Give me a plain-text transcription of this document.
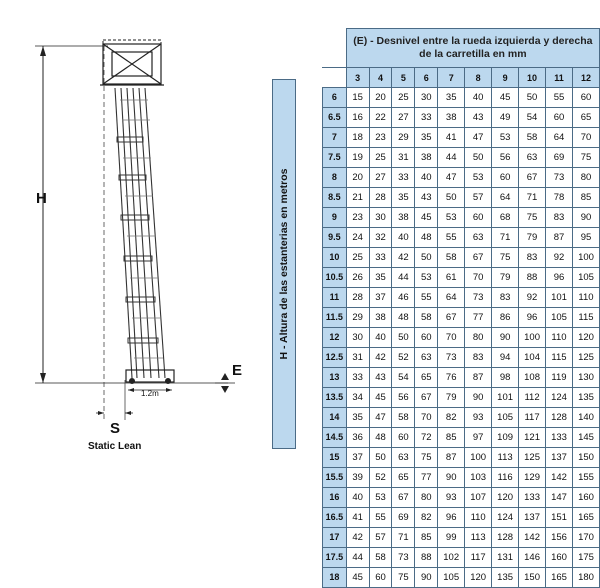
H
E
1.2m
S
Static Lean
H - Altura de las estanterias en metros
	(E) - Desnivel entre la rueda izquierda y derecha de la carretilla en mm									
	3	4	5	6	7	8	9	10	11	12
6	15	20	25	30	35	40	45	50	55	60
6.5	16	22	27	33	38	43	49	54	60	65
7	18	23	29	35	41	47	53	58	64	70
7.5	19	25	31	38	44	50	56	63	69	75
8	20	27	33	40	47	53	60	67	73	80
8.5	21	28	35	43	50	57	64	71	78	85
9	23	30	38	45	53	60	68	75	83	90
9.5	24	32	40	48	55	63	71	79	87	95
10	25	33	42	50	58	67	75	83	92	100
10.5	26	35	44	53	61	70	79	88	96	105
11	28	37	46	55	64	73	83	92	101	110
11.5	29	38	48	58	67	77	86	96	105	115
12	30	40	50	60	70	80	90	100	110	120
12.5	31	42	52	63	73	83	94	104	115	125
13	33	43	54	65	76	87	98	108	119	130
13.5	34	45	56	67	79	90	101	112	124	135
14	35	47	58	70	82	93	105	117	128	140
14.5	36	48	60	72	85	97	109	121	133	145
15	37	50	63	75	87	100	113	125	137	150
15.5	39	52	65	77	90	103	116	129	142	155
16	40	53	67	80	93	107	120	133	147	160
16.5	41	55	69	82	96	110	124	137	151	165
17	42	57	71	85	99	113	128	142	156	170
17.5	44	58	73	88	102	117	131	146	160	175
18	45	60	75	90	105	120	135	150	165	180
